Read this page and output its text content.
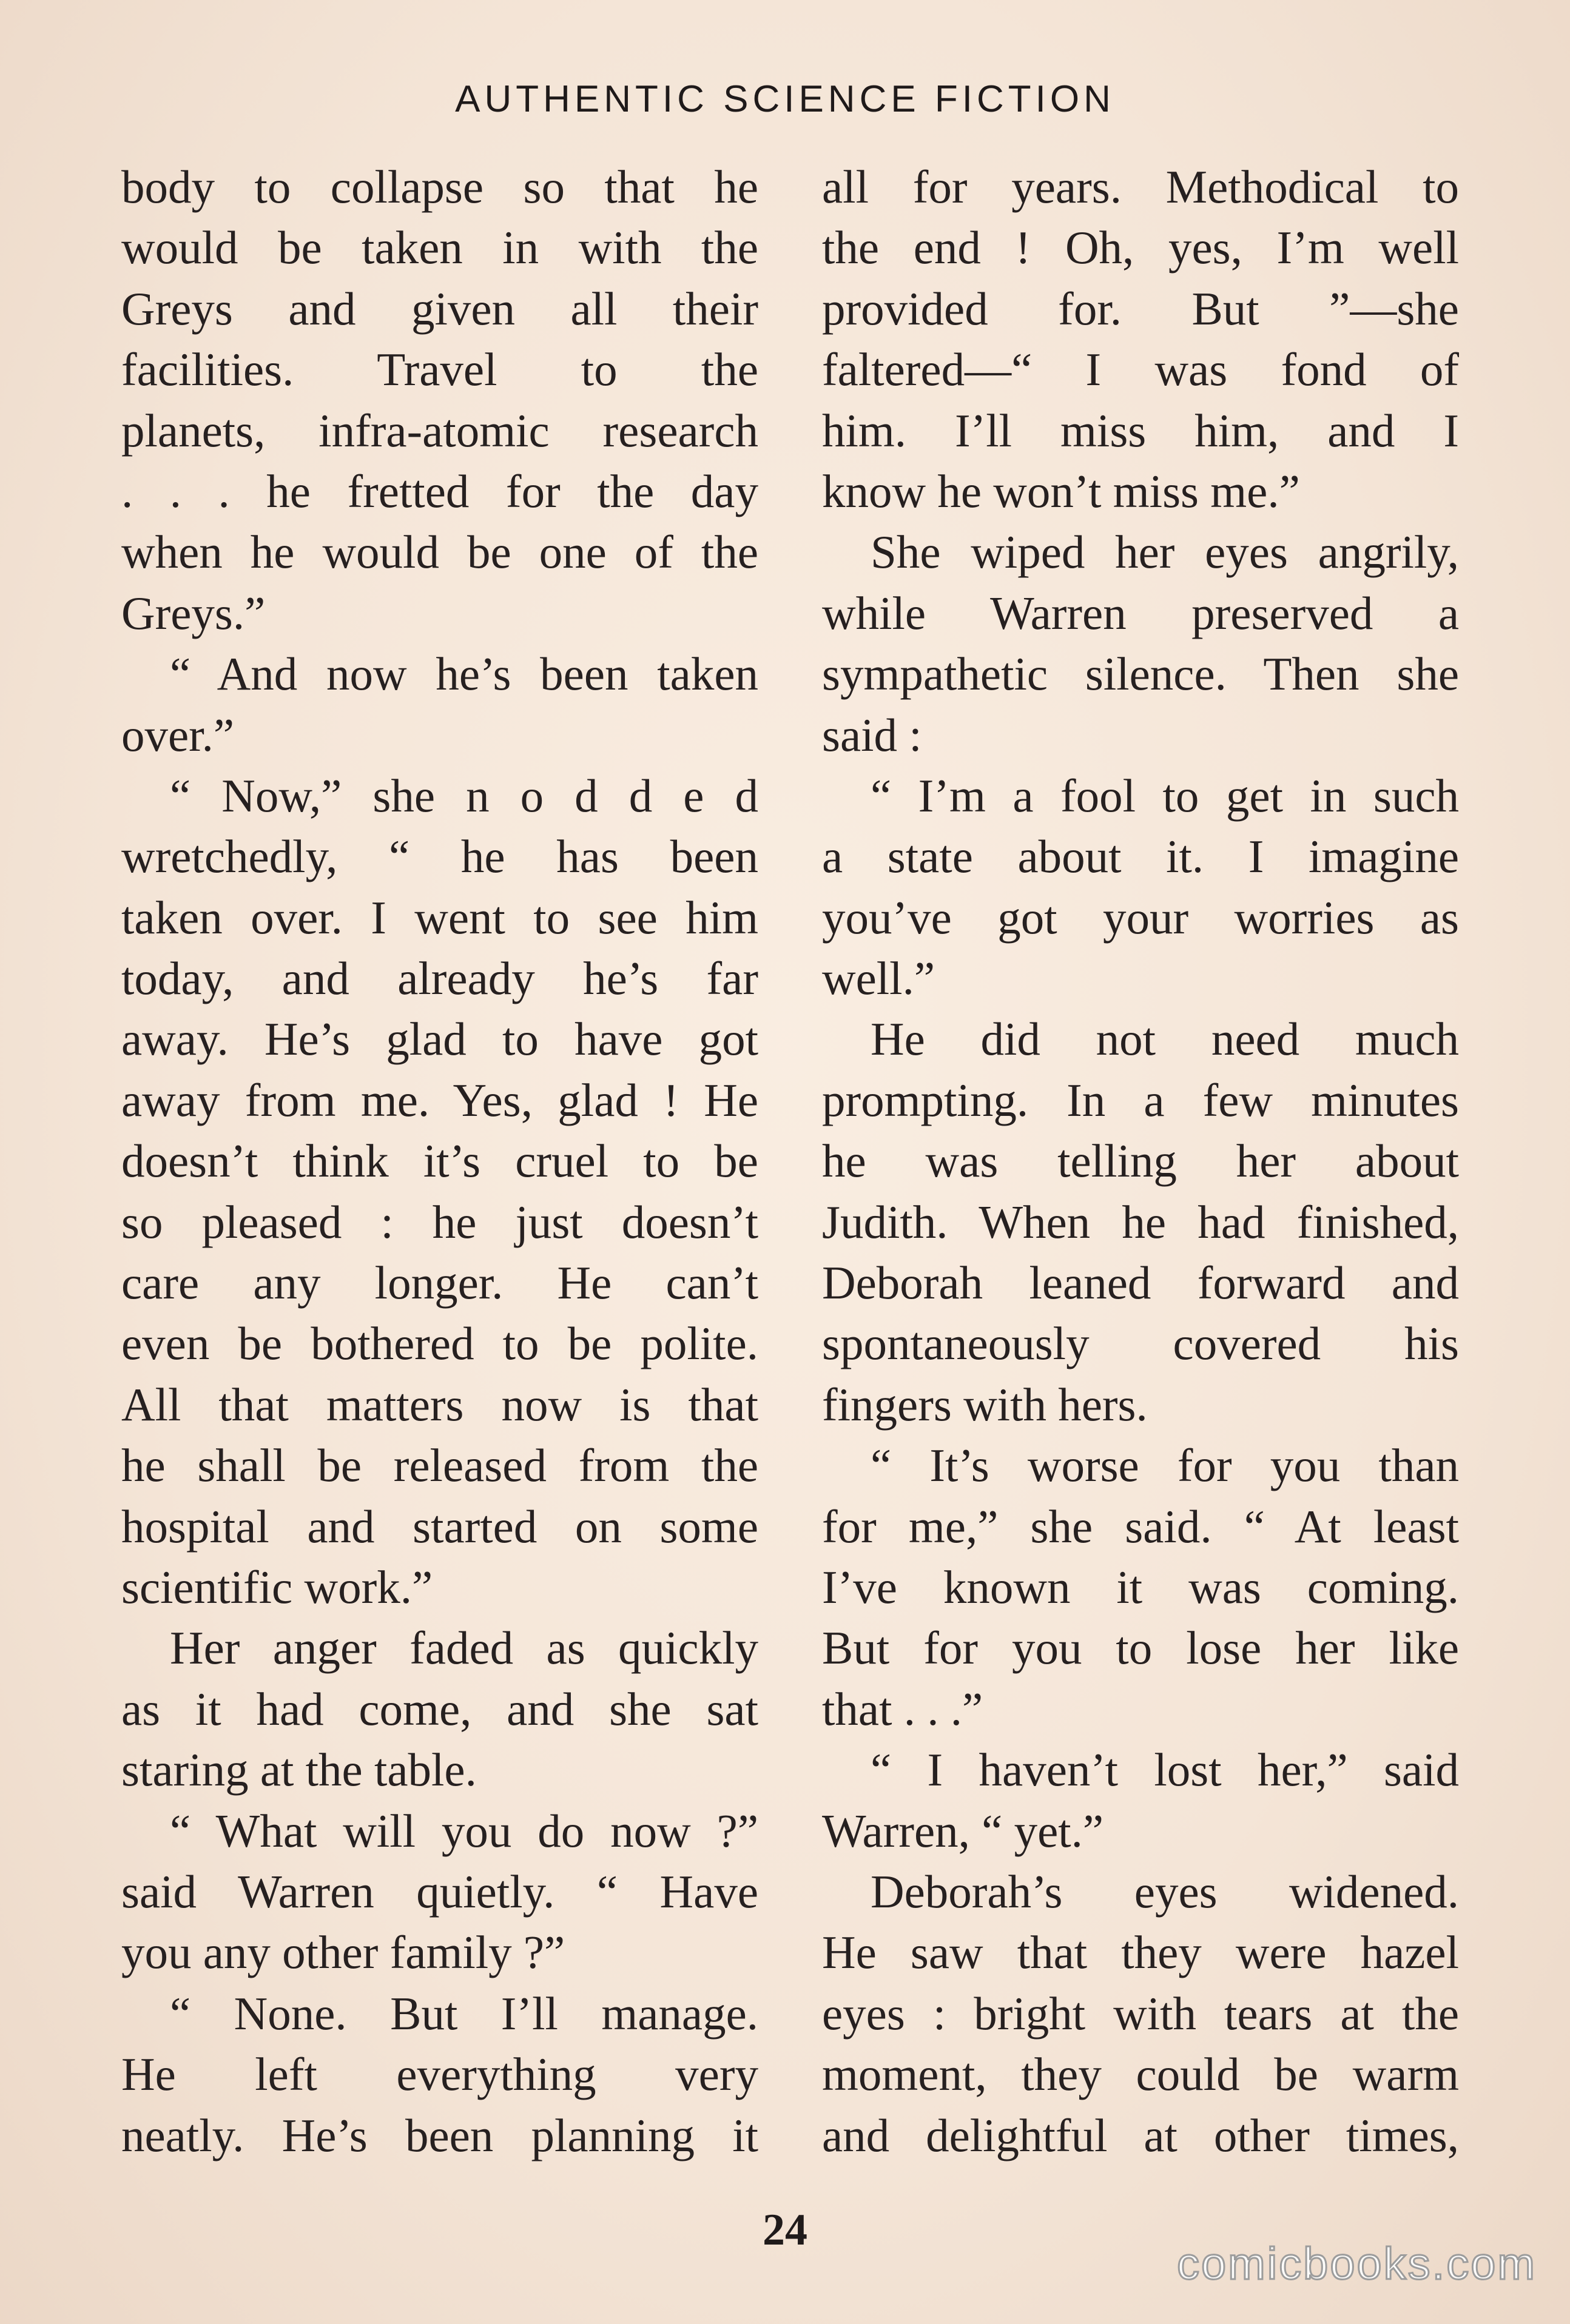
AUTHENTIC SCIENCE FICTION
body to collapse so that he
would be taken in with the
Greys and given all their
facilities. Travel to the
planets, infra-atomic research
. . . he fretted for the day
when he would be one of the
Greys.”
“ And now he’s been taken
over.”
“ Now,” she n o d d e d
wretchedly, “ he has been
taken over. I went to see him
today, and already he’s far
away. He’s glad to have got
away from me. Yes, glad ! He
doesn’t think it’s cruel to be
so pleased : he just doesn’t
care any longer. He can’t
even be bothered to be polite.
All that matters now is that
he shall be released from the
hospital and started on some
scientific work.”
Her anger faded as quickly
as it had come, and she sat
staring at the table.
“ What will you do now ?”
said Warren quietly. “ Have
you any other family ?”
“ None. But I’ll manage.
He left everything very
neatly. He’s been planning it
all for years. Methodical to
the end ! Oh, yes, I’m well
provided for. But ”—she
faltered—“ I was fond of
him. I’ll miss him, and I
know he won’t miss me.”
She wiped her eyes angrily,
while Warren preserved a
sympathetic silence. Then she
said :
“ I’m a fool to get in such
a state about it. I imagine
you’ve got your worries as
well.”
He did not need much
prompting. In a few minutes
he was telling her about
Judith. When he had finished,
Deborah leaned forward and
spontaneously covered his
fingers with hers.
“ It’s worse for you than
for me,” she said. “ At least
I’ve known it was coming.
But for you to lose her like
that . . .”
“ I haven’t lost her,” said
Warren, “ yet.”
Deborah’s eyes widened.
He saw that they were hazel
eyes : bright with tears at the
moment, they could be warm
and delightful at other times,
24
comicbooks.com
